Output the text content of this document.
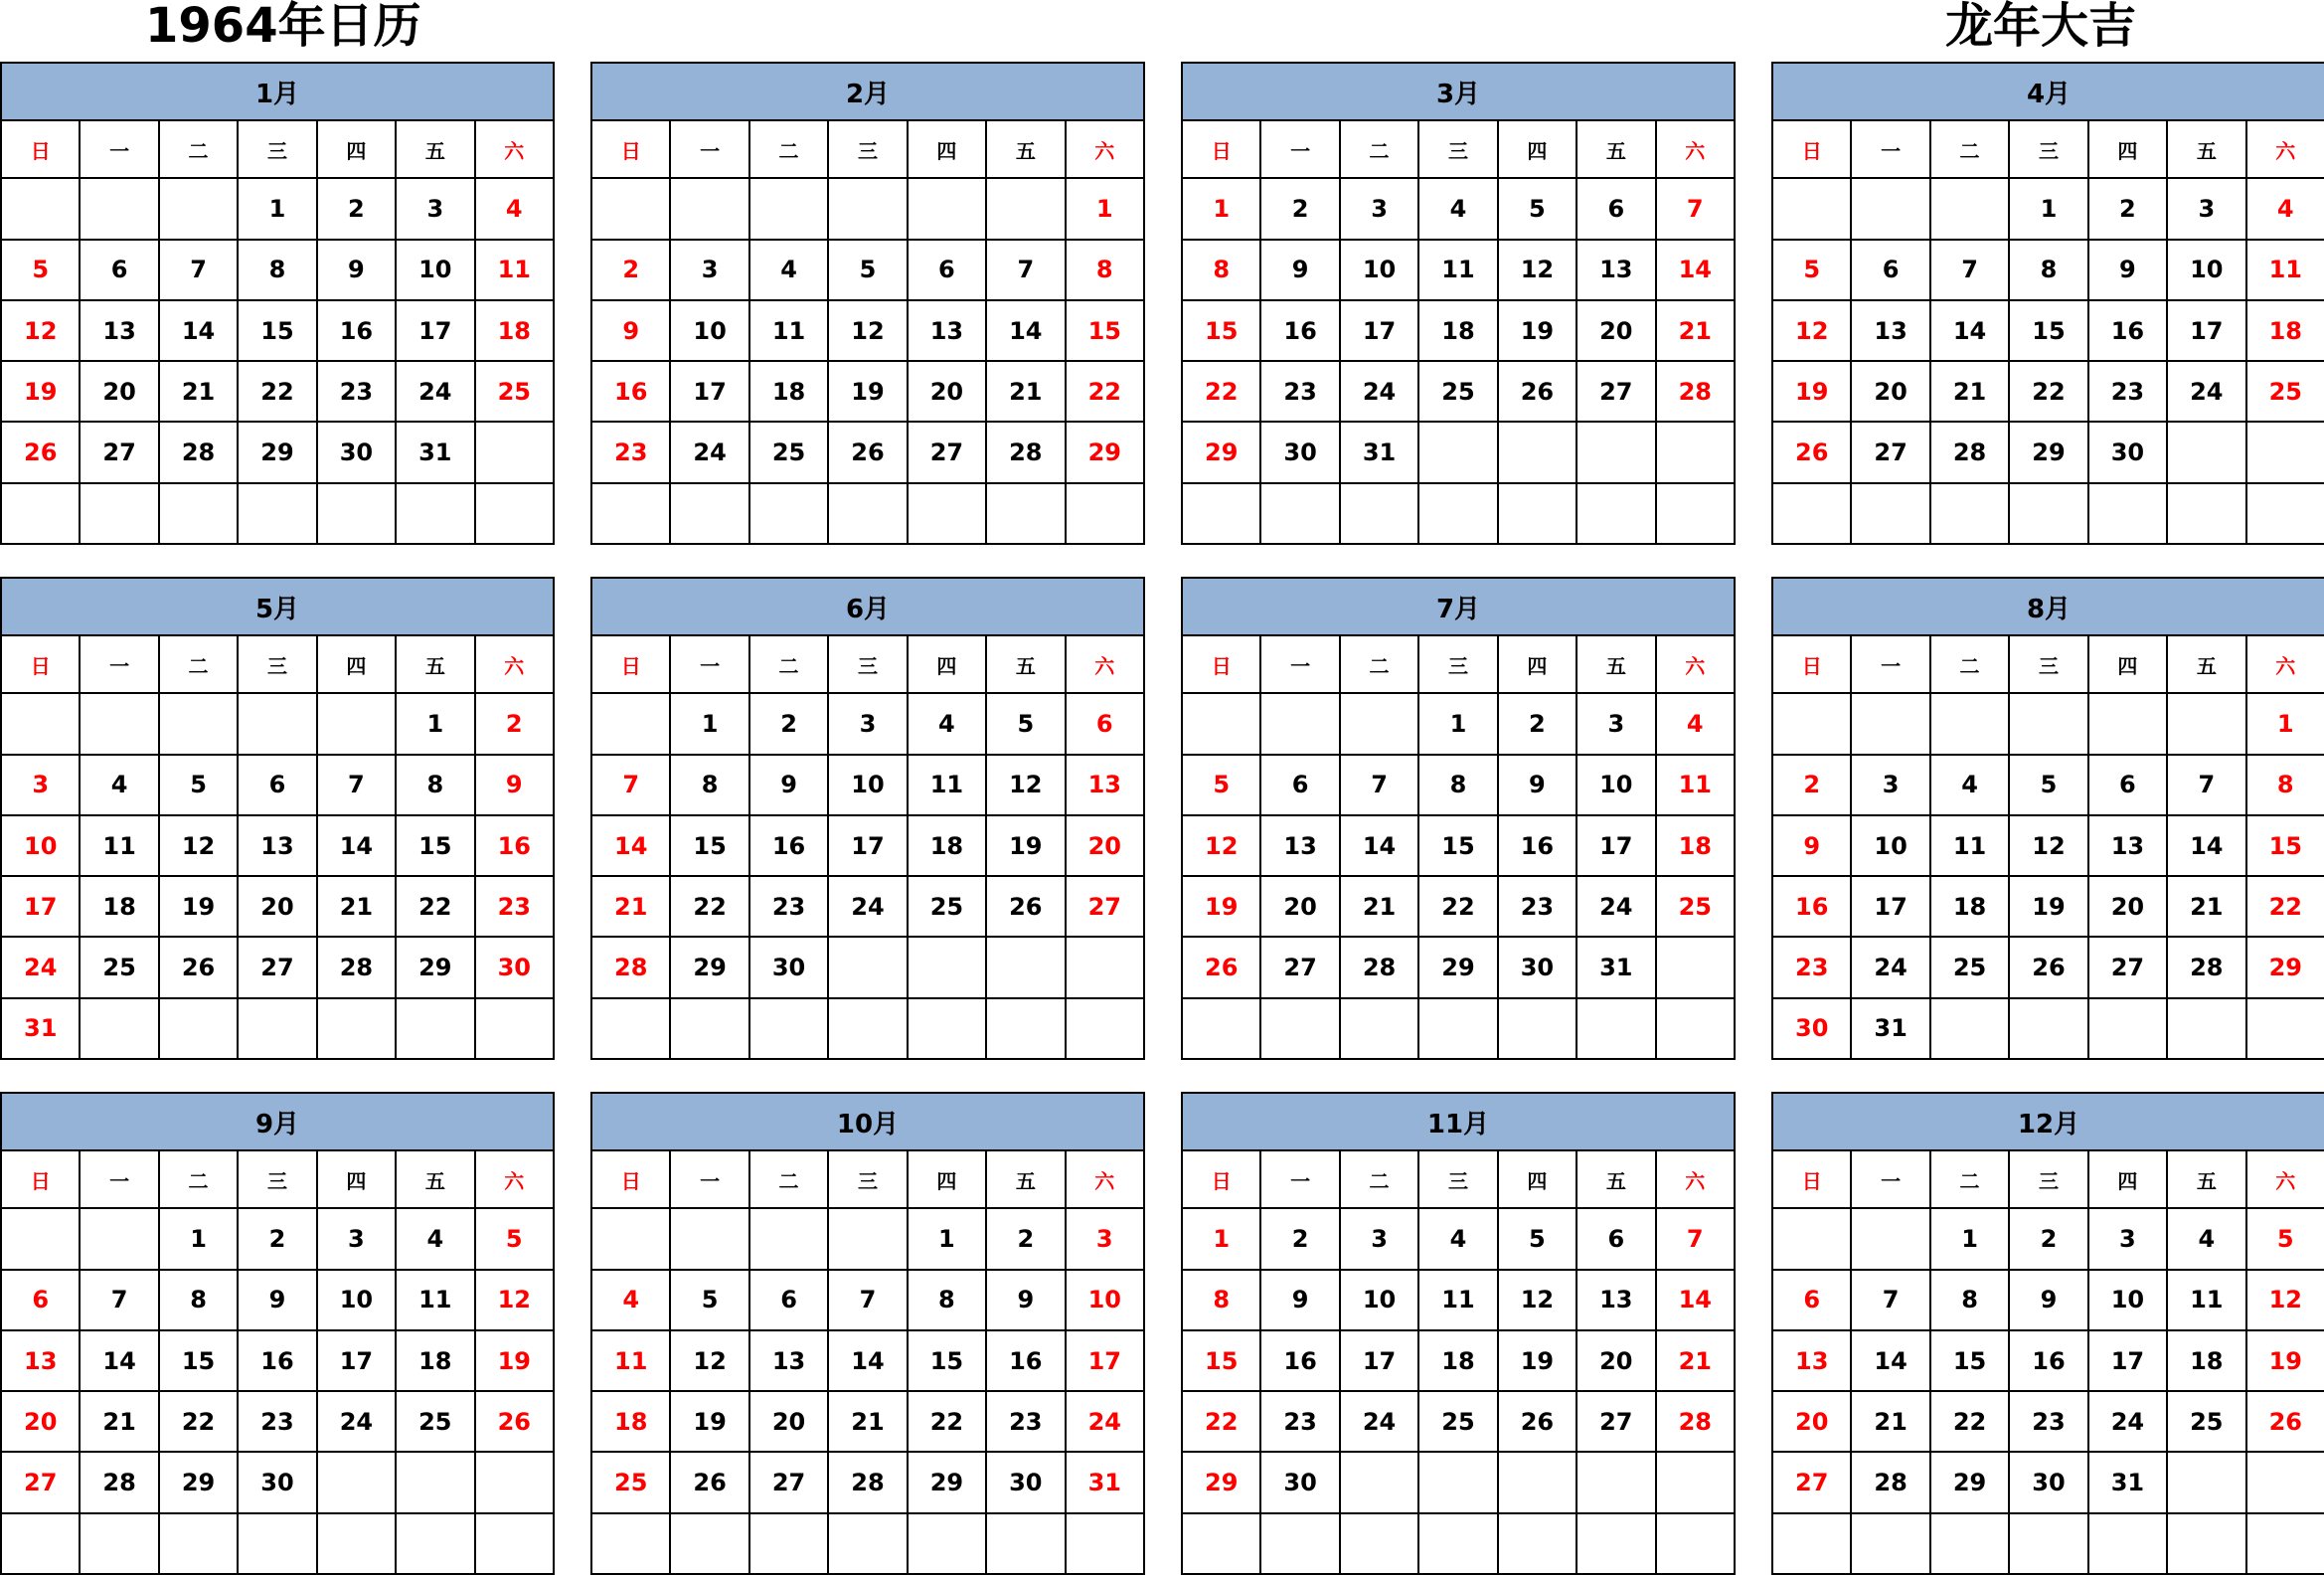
1964年日历	龙年大吉
1月						
日	一	二	三	四	五	六
			1	2	3	4
5	6	7	8	9	10	11
12	13	14	15	16	17	18
19	20	21	22	23	24	25
26	27	28	29	30	31	

2月						
日	一	二	三	四	五	六
						1
2	3	4	5	6	7	8
9	10	11	12	13	14	15
16	17	18	19	20	21	22
23	24	25	26	27	28	29

3月						
日	一	二	三	四	五	六
1	2	3	4	5	6	7
8	9	10	11	12	13	14
15	16	17	18	19	20	21
22	23	24	25	26	27	28
29	30	31				

4月						
日	一	二	三	四	五	六
			1	2	3	4
5	6	7	8	9	10	11
12	13	14	15	16	17	18
19	20	21	22	23	24	25
26	27	28	29	30		

5月						
日	一	二	三	四	五	六
					1	2
3	4	5	6	7	8	9
10	11	12	13	14	15	16
17	18	19	20	21	22	23
24	25	26	27	28	29	30
31						
6月						
日	一	二	三	四	五	六
	1	2	3	4	5	6
7	8	9	10	11	12	13
14	15	16	17	18	19	20
21	22	23	24	25	26	27
28	29	30				

7月						
日	一	二	三	四	五	六
			1	2	3	4
5	6	7	8	9	10	11
12	13	14	15	16	17	18
19	20	21	22	23	24	25
26	27	28	29	30	31	

8月						
日	一	二	三	四	五	六
						1
2	3	4	5	6	7	8
9	10	11	12	13	14	15
16	17	18	19	20	21	22
23	24	25	26	27	28	29
30	31					
9月						
日	一	二	三	四	五	六
		1	2	3	4	5
6	7	8	9	10	11	12
13	14	15	16	17	18	19
20	21	22	23	24	25	26
27	28	29	30			

10月						
日	一	二	三	四	五	六
				1	2	3
4	5	6	7	8	9	10
11	12	13	14	15	16	17
18	19	20	21	22	23	24
25	26	27	28	29	30	31

11月						
日	一	二	三	四	五	六
1	2	3	4	5	6	7
8	9	10	11	12	13	14
15	16	17	18	19	20	21
22	23	24	25	26	27	28
29	30					

12月						
日	一	二	三	四	五	六
		1	2	3	4	5
6	7	8	9	10	11	12
13	14	15	16	17	18	19
20	21	22	23	24	25	26
27	28	29	30	31		
